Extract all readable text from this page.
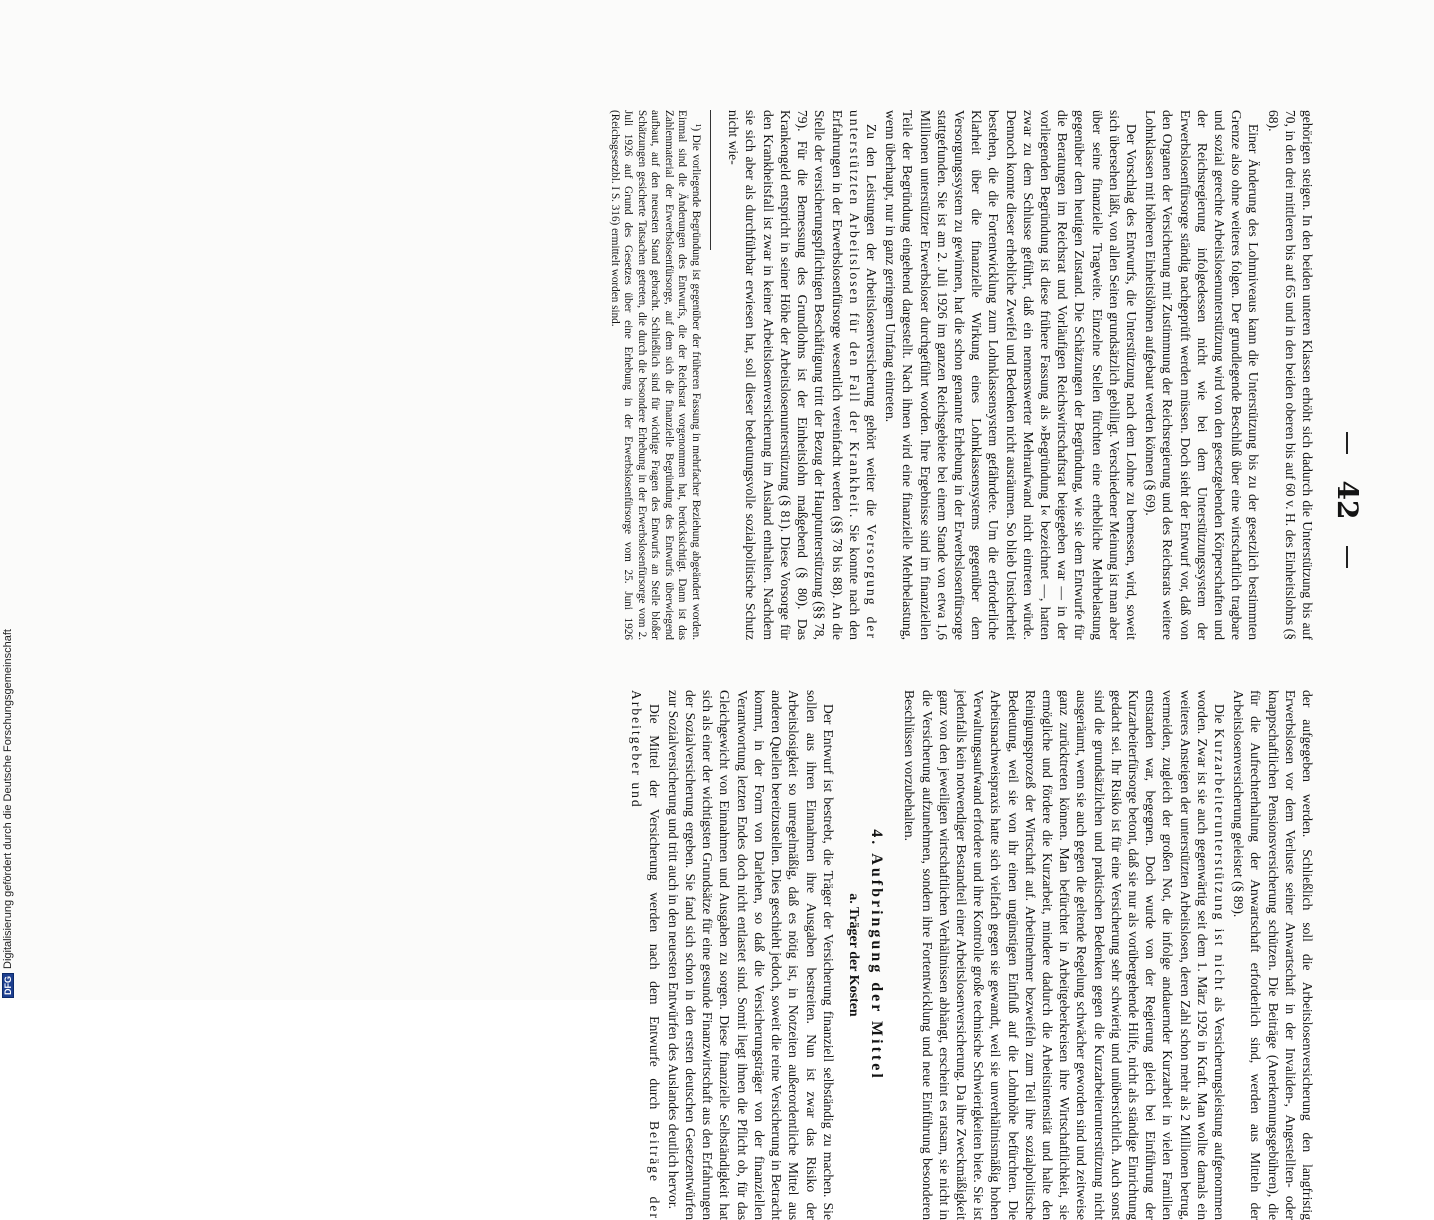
42

gehörigen steigen. In den beiden unteren Klassen erhöht sich dadurch die Unterstützung bis auf 70, in den drei mittleren bis auf 65 und in den beiden oberen bis auf 60 v. H. des Einheitslohns (§ 68).

Einer Änderung des Lohnniveaus kann die Unterstützung bis zu der gesetzlich bestimmten Grenze also ohne weiteres folgen. Der grundlegende Beschluß über eine wirtschaftlich tragbare und sozial gerechte Arbeitslosenunterstützung wird von den gesetzgebenden Körperschaften und der Reichsregierung infolgedessen nicht wie bei dem Unterstützungssystem der Erwerbslosenfürsorge ständig nachgeprüft werden müssen. Doch sieht der Entwurf vor, daß von den Organen der Versicherung mit Zustimmung der Reichsregierung und des Reichsrats weitere Lohnklassen mit höheren Einheitslöhnen aufgebaut werden können (§ 69).

Der Vorschlag des Entwurfs, die Unterstützung nach dem Lohne zu bemessen, wird, soweit sich übersehen läßt, von allen Seiten grundsätzlich gebilligt. Verschiedener Meinung ist man aber über seine finanzielle Tragweite. Einzelne Stellen fürchten eine erhebliche Mehrbelastung gegenüber dem heutigen Zustand. Die Schätzungen der Begründung, wie sie dem Entwurfe für die Beratungen im Reichsrat und Vorläufigen Reichswirtschaftsrat beigegeben war — in der vorliegenden Begründung ist diese frühere Fassung als »Begründung I« bezeichnet —, hatten zwar zu dem Schlusse geführt, daß ein nennenswerter Mehraufwand nicht eintreten würde. Dennoch konnte dieser erhebliche Zweifel und Bedenken nicht ausräumen. So blieb Unsicherheit bestehen, die die Fortentwicklung zum Lohnklassensystem gefährdete. Um die erforderliche Klarheit über die finanzielle Wirkung eines Lohnklassensystems gegenüber dem Versorgungssystem zu gewinnen, hat die schon genannte Erhebung in der Erwerbslosenfürsorge stattgefunden. Sie ist am 2. Juli 1926 im ganzen Reichsgebiete bei einem Stande von etwa 1,6 Millionen unterstützter Erwerbsloser durchgeführt worden. Ihre Ergebnisse sind im finanziellen Teile der Begründung eingehend dargestellt. Nach ihnen wird eine finanzielle Mehrbelastung, wenn überhaupt, nur in ganz geringem Umfang eintreten.

Zu den Leistungen der Arbeitslosenversicherung gehört weiter die Versorgung der unterstützten Arbeitslosen für den Fall der Krankheit. Sie konnte nach den Erfahrungen in der Erwerbslosenfürsorge wesentlich vereinfacht werden (§§ 78 bis 88). An die Stelle der versicherungspflichtigen Beschäftigung tritt der Bezug der Hauptunterstützung (§§ 78, 79). Für die Bemessung des Grundlohns ist der Einheitslohn maßgebend (§ 80). Das Krankengeld entspricht in seiner Höhe der Arbeitslosenunterstützung (§ 81). Diese Vorsorge für den Krankheitsfall ist zwar in keiner Arbeitslosenversicherung im Ausland enthalten. Nachdem sie sich aber als durchführbar erwiesen hat, soll dieser bedeutungsvolle sozialpolitische Schutz nicht wie-

¹) Die vorliegende Begründung ist gegenüber der früheren Fassung in mehrfacher Beziehung abgeändert worden. Einmal sind die Änderungen des Entwurfs, die der Reichsrat vorgenommen hat, berücksichtigt. Dann ist das Zahlenmaterial der Erwerbslosenfürsorge, auf dem sich die finanzielle Begründung des Entwurfs überwiegend aufbaut, auf den neuesten Stand gebracht. Schließlich sind für wichtige Fragen des Entwurfs an Stelle bloßer Schätzungen gesicherte Tatsachen getreten, die durch die besondere Erhebung in der Erwerbslosenfürsorge vom 2. Juli 1926 auf Grund des Gesetzes über eine Erhebung in der Erwerbslosenfürsorge vom 25. Juni 1926 (Reichsgesetzbl. I S. 316) ermittelt worden sind.

der aufgegeben werden. Schließlich soll die Arbeitslosenversicherung den langfristig Erwerbslosen vor dem Verluste seiner Anwartschaft in der Invaliden-, Angestellten- oder knappschaftlichen Pensionsversicherung schützen. Die Beiträge (Anerkennungsgebühren), die für die Aufrechterhaltung der Anwartschaft erforderlich sind, werden aus Mitteln der Arbeitslosenversicherung geleistet (§ 89).

Die Kurzarbeiterunterstützung ist nicht als Versicherungsleistung aufgenommen worden. Zwar ist sie auch gegenwärtig seit dem 1. März 1926 in Kraft. Man wollte damals ein weiteres Ansteigen der unterstützten Arbeitslosen, deren Zahl schon mehr als 2 Millionen betrug, vermeiden, zugleich der großen Not, die infolge andauernder Kurzarbeit in vielen Familien entstanden war, begegnen. Doch wurde von der Regierung gleich bei Einführung der Kurzarbeiterfürsorge betont, daß sie nur als vorübergehende Hilfe, nicht als ständige Einrichtung gedacht sei. Ihr Risiko ist für eine Versicherung sehr schwierig und unübersichtlich. Auch sonst sind die grundsätzlichen und praktischen Bedenken gegen die Kurzarbeiterunterstützung nicht ausgeräumt, wenn sie auch gegen die geltende Regelung schwächer geworden sind und zeitweise ganz zurücktreten können. Man befürchtet in Arbeitgeberkreisen ihre Wirtschaftlichkeit, sie ermögliche und fördere die Kurzarbeit, mindere dadurch die Arbeitsintensität und halte den Reinigungsprozeß der Wirtschaft auf. Arbeitnehmer bezweifeln zum Teil ihre sozialpolitische Bedeutung, weil sie von ihr einen ungünstigen Einfluß auf die Lohnhöhe befürchten. Die Arbeitsnachweispraxis hatte sich vielfach gegen sie gewandt, weil sie unverhältnismäßig hohen Verwaltungsaufwand erfordere und ihre Kontrolle große technische Schwierigkeiten biete. Sie ist jedenfalls kein notwendiger Bestandteil einer Arbeitslosenversicherung. Da ihre Zweckmäßigkeit ganz von den jeweiligen wirtschaftlichen Verhältnissen abhängt, erscheint es ratsam, sie nicht in die Versicherung aufzunehmen, sondern ihre Fortentwicklung und neue Einführung besonderen Beschlüssen vorzubehalten.

4. Aufbringung der Mittel
a. Träger der Kosten

Der Entwurf ist bestrebt, die Träger der Versicherung finanziell selbständig zu machen. Sie sollen aus ihren Einnahmen ihre Ausgaben bestreiten. Nun ist zwar das Risiko der Arbeitslosigkeit so unregelmäßig, daß es nötig ist, in Notzeiten außerordentliche Mittel aus anderen Quellen bereitzustellen. Dies geschieht jedoch, soweit die reine Versicherung in Betracht kommt, in der Form von Darlehen, so daß die Versicherungsträger von der finanziellen Verantwortung letzten Endes doch nicht entlastet sind. Somit liegt ihnen die Pflicht ob, für das Gleichgewicht von Einnahmen und Ausgaben zu sorgen. Diese finanzielle Selbständigkeit hat sich als einer der wichtigsten Grundsätze für eine gesunde Finanzwirtschaft aus den Erfahrungen der Sozialversicherung ergeben. Sie fand sich schon in den ersten deutschen Gesetzentwürfen zur Sozialversicherung und tritt auch in den neuesten Entwürfen des Auslandes deutlich hervor.

Die Mittel der Versicherung werden nach dem Entwurfe durch Beiträge der Arbeitgeber und

DFGDigitalisierung gefördert durch die Deutsche Forschungsgemeinschaft
